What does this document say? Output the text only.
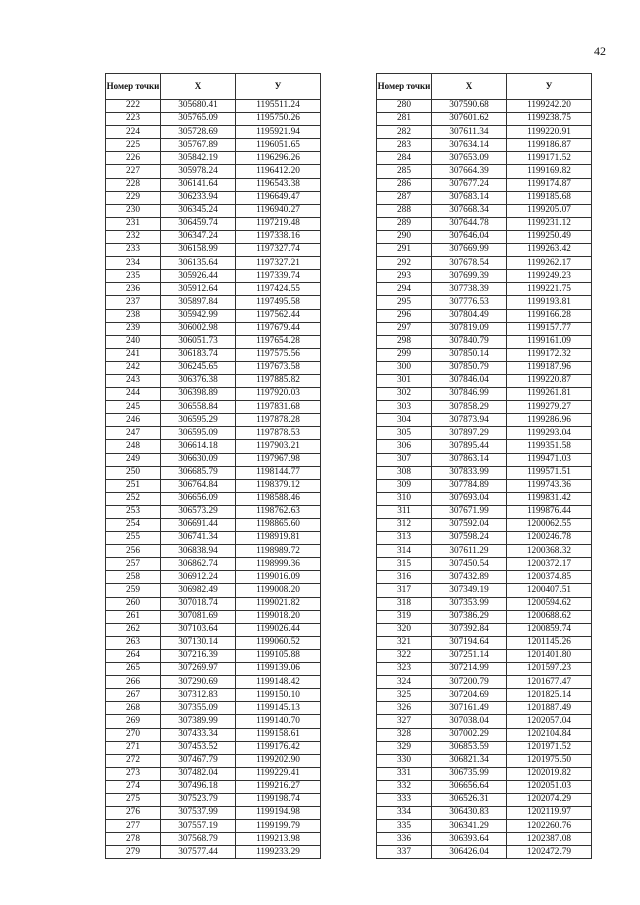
42
Номер точки	X	У
222	305680.41	1195511.24
223	305765.09	1195750.26
224	305728.69	1195921.94
225	305767.89	1196051.65
226	305842.19	1196296.26
227	305978.24	1196412.20
228	306141.64	1196543.38
229	306233.94	1196649.47
230	306345.24	1196940.27
231	306459.74	1197219.48
232	306347.24	1197338.16
233	306158.99	1197327.74
234	306135.64	1197327.21
235	305926.44	1197339.74
236	305912.64	1197424.55
237	305897.84	1197495.58
238	305942.99	1197562.44
239	306002.98	1197679.44
240	306051.73	1197654.28
241	306183.74	1197575.56
242	306245.65	1197673.58
243	306376.38	1197885.82
244	306398.89	1197920.03
245	306558.84	1197831.68
246	306595.29	1197878.28
247	306595.09	1197878.53
248	306614.18	1197903.21
249	306630.09	1197967.98
250	306685.79	1198144.77
251	306764.84	1198379.12
252	306656.09	1198588.46
253	306573.29	1198762.63
254	306691.44	1198865.60
255	306741.34	1198919.81
256	306838.94	1198989.72
257	306862.74	1198999.36
258	306912.24	1199016.09
259	306982.49	1199008.20
260	307018.74	1199021.82
261	307081.69	1199018.20
262	307103.64	1199026.44
263	307130.14	1199060.52
264	307216.39	1199105.88
265	307269.97	1199139.06
266	307290.69	1199148.42
267	307312.83	1199150.10
268	307355.09	1199145.13
269	307389.99	1199140.70
270	307433.34	1199158.61
271	307453.52	1199176.42
272	307467.79	1199202.90
273	307482.04	1199229.41
274	307496.18	1199216.27
275	307523.79	1199198.74
276	307537.99	1199194.98
277	307557.19	1199199.79
278	307568.79	1199213.98
279	307577.44	1199233.29
Номер точки	X	У
280	307590.68	1199242.20
281	307601.62	1199238.75
282	307611.34	1199220.91
283	307634.14	1199186.87
284	307653.09	1199171.52
285	307664.39	1199169.82
286	307677.24	1199174.87
287	307683.14	1199185.68
288	307668.34	1199205.07
289	307644.78	1199231.12
290	307646.04	1199250.49
291	307669.99	1199263.42
292	307678.54	1199262.17
293	307699.39	1199249.23
294	307738.39	1199221.75
295	307776.53	1199193.81
296	307804.49	1199166.28
297	307819.09	1199157.77
298	307840.79	1199161.09
299	307850.14	1199172.32
300	307850.79	1199187.96
301	307846.04	1199220.87
302	307846.99	1199261.81
303	307858.29	1199279.27
304	307873.94	1199286.96
305	307897.29	1199293.04
306	307895.44	1199351.58
307	307863.14	1199471.03
308	307833.99	1199571.51
309	307784.89	1199743.36
310	307693.04	1199831.42
311	307671.99	1199876.44
312	307592.04	1200062.55
313	307598.24	1200246.78
314	307611.29	1200368.32
315	307450.54	1200372.17
316	307432.89	1200374.85
317	307349.19	1200407.51
318	307353.99	1200594.62
319	307386.29	1200688.62
320	307392.84	1200859.74
321	307194.64	1201145.26
322	307251.14	1201401.80
323	307214.99	1201597.23
324	307200.79	1201677.47
325	307204.69	1201825.14
326	307161.49	1201887.49
327	307038.04	1202057.04
328	307002.29	1202104.84
329	306853.59	1201971.52
330	306821.34	1201975.50
331	306735.99	1202019.82
332	306656.64	1202051.03
333	306526.31	1202074.29
334	306430.83	1202119.97
335	306341.29	1202260.76
336	306393.64	1202387.08
337	306426.04	1202472.79
